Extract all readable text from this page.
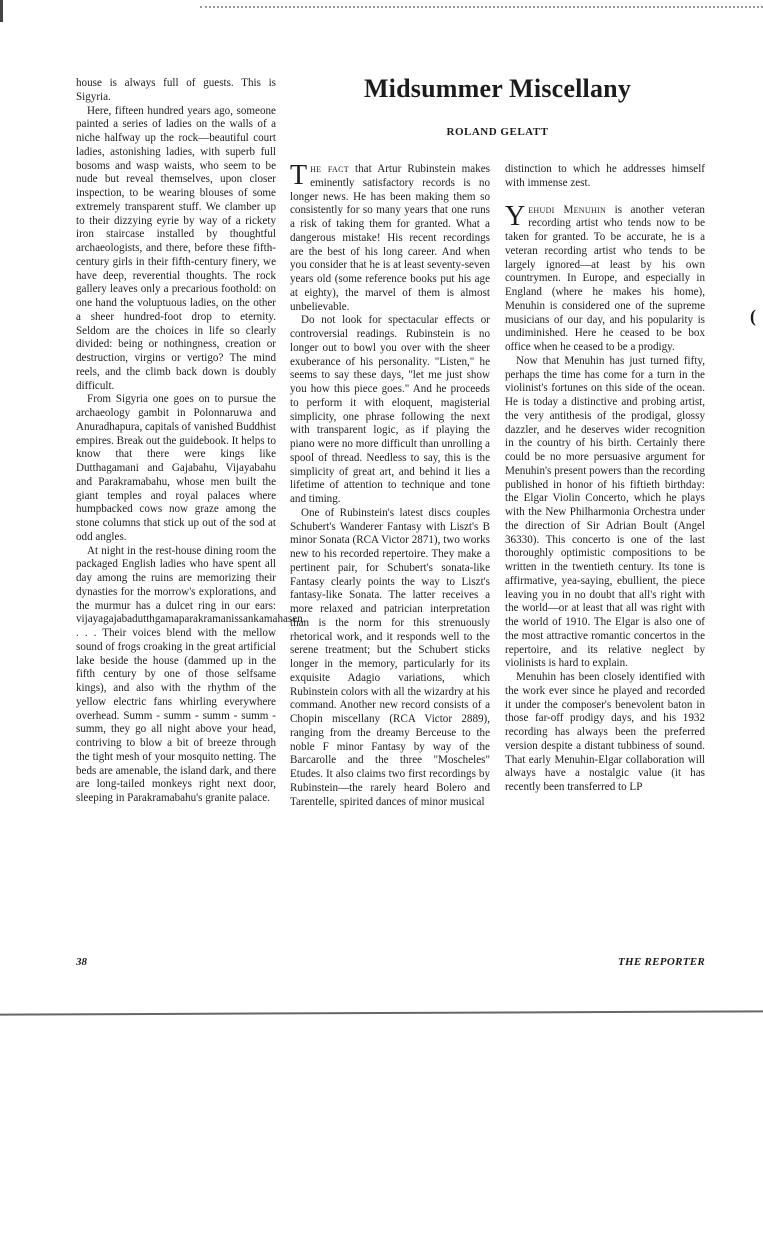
house is always full of guests. This is Sigyria.

Here, fifteen hundred years ago, someone painted a series of ladies on the walls of a niche halfway up the rock—beautiful court ladies, astonishing ladies, with superb full bosoms and wasp waists, who seem to be nude but reveal themselves, upon closer inspection, to be wearing blouses of some extremely transparent stuff. We clamber up to their dizzying eyrie by way of a rickety iron staircase installed by thoughtful archaeologists, and there, before these fifth-century girls in their fifth-century finery, we have deep, reverential thoughts. The rock gallery leaves only a precarious foothold: on one hand the voluptuous ladies, on the other a sheer hundred-foot drop to eternity. Seldom are the choices in life so clearly divided: being or nothingness, creation or destruction, virgins or vertigo? The mind reels, and the climb back down is doubly difficult.

From Sigyria one goes on to pursue the archaeology gambit in Polonnaruwa and Anuradhapura, capitals of vanished Buddhist empires. Break out the guidebook. It helps to know that there were kings like Dutthagamani and Gajabahu, Vijayabahu and Parakramabahu, whose men built the giant temples and royal palaces where humpbacked cows now graze among the stone columns that stick up out of the sod at odd angles.

At night in the rest-house dining room the packaged English ladies who have spent all day among the ruins are memorizing their dynasties for the morrow's explorations, and the murmur has a dulcet ring in our ears: vijayagajabadutthgamaparakramanissankamahasen. . . . Their voices blend with the mellow sound of frogs croaking in the great artificial lake beside the house (dammed up in the fifth century by one of those selfsame kings), and also with the rhythm of the yellow electric fans whirling everywhere overhead. Summ - summ - summ - summ - summ, they go all night above your head, contriving to blow a bit of breeze through the tight mesh of your mosquito netting. The beds are amenable, the island dark, and there are long-tailed monkeys right next door, sleeping in Parakramabahu's granite palace.

Midsummer Miscellany
ROLAND GELATT

The fact that Artur Rubinstein makes eminently satisfactory records is no longer news. He has been making them so consistently for so many years that one runs a risk of taking them for granted. What a dangerous mistake! His recent recordings are the best of his long career. And when you consider that he is at least seventy-seven years old (some reference books put his age at eighty), the marvel of them is almost unbelievable.

Do not look for spectacular effects or controversial readings. Rubinstein is no longer out to bowl you over with the sheer exuberance of his personality. "Listen," he seems to say these days, "let me just show you how this piece goes." And he proceeds to perform it with eloquent, magisterial simplicity, one phrase following the next with transparent logic, as if playing the piano were no more difficult than unrolling a spool of thread. Needless to say, this is the simplicity of great art, and behind it lies a lifetime of attention to technique and tone and timing.

One of Rubinstein's latest discs couples Schubert's Wanderer Fantasy with Liszt's B minor Sonata (RCA Victor 2871), two works new to his recorded repertoire. They make a pertinent pair, for Schubert's sonata-like Fantasy clearly points the way to Liszt's fantasy-like Sonata. The latter receives a more relaxed and patrician interpretation than is the norm for this strenuously rhetorical work, and it responds well to the serene treatment; but the Schubert sticks longer in the memory, particularly for its exquisite Adagio variations, which Rubinstein colors with all the wizardry at his command. Another new record consists of a Chopin miscellany (RCA Victor 2889), ranging from the dreamy Berceuse to the noble F minor Fantasy by way of the Barcarolle and the three "Moscheles" Etudes. It also claims two first recordings by Rubinstein—the rarely heard Bolero and Tarentelle, spirited dances of minor musical

distinction to which he addresses himself with immense zest.

Yehudi Menuhin is another veteran recording artist who tends now to be taken for granted. To be accurate, he is a veteran recording artist who tends to be largely ignored—at least by his own countrymen. In Europe, and especially in England (where he makes his home), Menuhin is considered one of the supreme musicians of our day, and his popularity is undiminished. Here he ceased to be box office when he ceased to be a prodigy.

Now that Menuhin has just turned fifty, perhaps the time has come for a turn in the violinist's fortunes on this side of the ocean. He is today a distinctive and probing artist, the very antithesis of the prodigal, glossy dazzler, and he deserves wider recognition in the country of his birth. Certainly there could be no more persuasive argument for Menuhin's present powers than the recording published in honor of his fiftieth birthday: the Elgar Violin Concerto, which he plays with the New Philharmonia Orchestra under the direction of Sir Adrian Boult (Angel 36330). This concerto is one of the last thoroughly optimistic compositions to be written in the twentieth century. Its tone is affirmative, yea-saying, ebullient, the piece leaving you in no doubt that all's right with the world—or at least that all was right with the world of 1910. The Elgar is also one of the most attractive romantic concertos in the repertoire, and its relative neglect by violinists is hard to explain.

Menuhin has been closely identified with the work ever since he played and recorded it under the composer's benevolent baton in those far-off prodigy days, and his 1932 recording has always been the preferred version despite a distant tubbiness of sound. That early Menuhin-Elgar collaboration will always have a nostalgic value (it has recently been transferred to LP

(
38	THE REPORTER
